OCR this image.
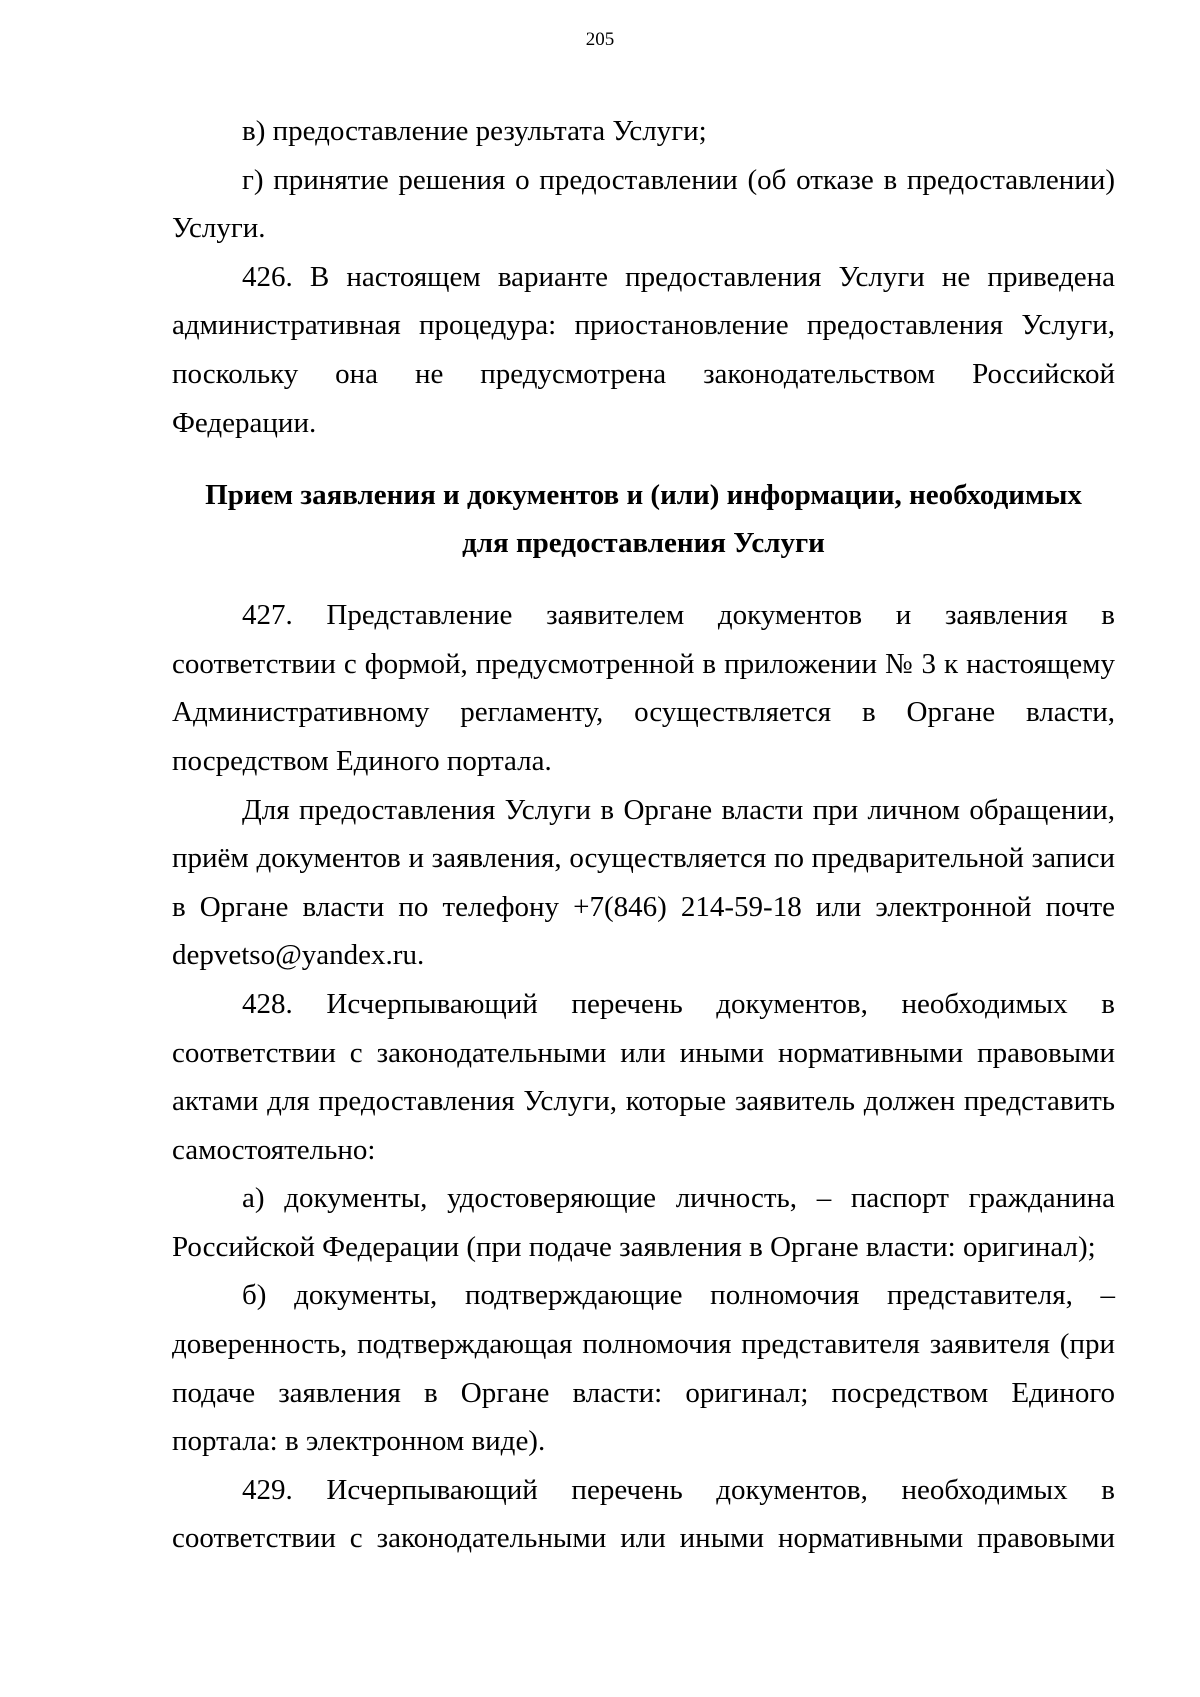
205

в) предоставление результата Услуги;

г) принятие решения о предоставлении (об отказе в предоставлении) Услуги.

426. В настоящем варианте предоставления Услуги не приведена административная процедура: приостановление предоставления Услуги, поскольку она не предусмотрена законодательством Российской Федерации.

Прием заявления и документов и (или) информации, необходимых
для предоставления Услуги

427. Представление заявителем документов и заявления в соответствии с формой, предусмотренной в приложении № 3 к настоящему Административному регламенту, осуществляется в Органе власти, посредством Единого портала.

Для предоставления Услуги в Органе власти при личном обращении, приём документов и заявления, осуществляется по предварительной записи в Органе власти по телефону +7(846) 214-59-18 или электронной почте depvetso@yandex.ru.

428. Исчерпывающий перечень документов, необходимых в соответствии с законодательными или иными нормативными правовыми актами для предоставления Услуги, которые заявитель должен представить самостоятельно:

а) документы, удостоверяющие личность, – паспорт гражданина Российской Федерации (при подаче заявления в Органе власти: оригинал);

б) документы, подтверждающие полномочия представителя, – доверенность, подтверждающая полномочия представителя заявителя (при подаче заявления в Органе власти: оригинал; посредством Единого портала: в электронном виде).

429. Исчерпывающий перечень документов, необходимых в соответствии с законодательными или иными нормативными правовыми
